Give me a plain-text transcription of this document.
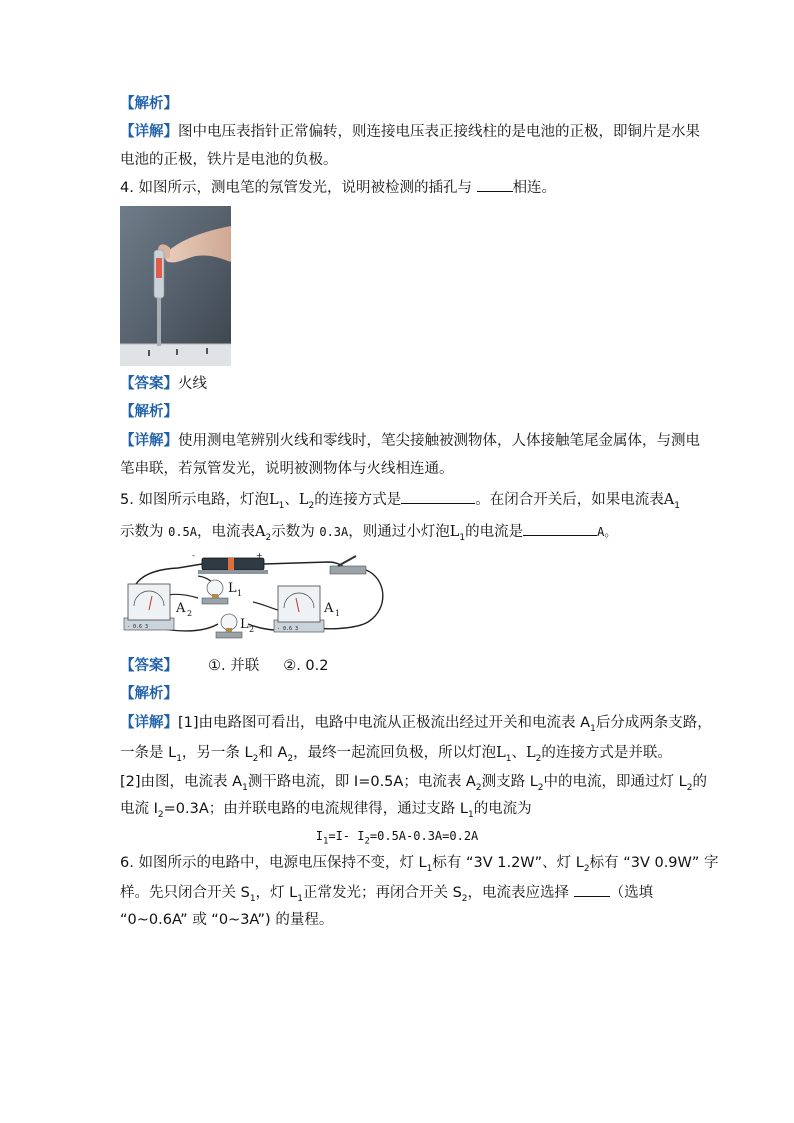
【解析】
【详解】图中电压表指针正常偏转，则连接电压表正接线柱的是电池的正极，即铜片是水果
电池的正极，铁片是电池的负极。
4. 如图所示，测电笔的氖管发光，说明被检测的插孔与 相连。
【答案】火线
【解析】
【详解】使用测电笔辨别火线和零线时，笔尖接触被测物体，人体接触笔尾金属体，与测电
笔串联，若氖管发光，说明被测物体与火线相连通。
5. 如图所示电路，灯泡$L_1$、$L_2$的连接方式是	。在闭合开关后，如果电流表$A_1$
示数为 0.5A，电流表$A_2$示数为 0.3A，则通过小灯泡$L_1$的电流是	A。
-	+
- 0.6 3
A 2
L 1
L 2	- 0.6 3
A 1
【答案】 ①. 并联 ②. 0.2
【解析】
【详解】[1]由电路图可看出，电路中电流从正极流出经过开关和电流表 $A_1$后分成两条支路，
一条是 $L_1$，另一条 $L_2$和 $A_2$，最终一起流回负极，所以灯泡$L_1$、$L_2$的连接方式是并联。
[2]由图，电流表 $A_1$测干路电流，即 I=0.5A；电流表 $A_2$测支路 $L_2$中的电流，即通过灯 $L_2$的
电流 $I_2=0.3A$；由并联电路的电流规律得，通过支路 $L_1$的电流为
$I_1=I-$ $I_2=0.5A-0.3A=0.2A$
6. 如图所示的电路中，电源电压保持不变，灯 $L_1$标有 “3V 1.2W”、灯 $L_2$标有 “3V 0.9W” 字
样。先只闭合开关 $S_1$，灯 $L_1$正常发光；再闭合开关 $S_2$，电流表应选择 （选填
“0~0.6A” 或 “0~3A”) 的量程。
